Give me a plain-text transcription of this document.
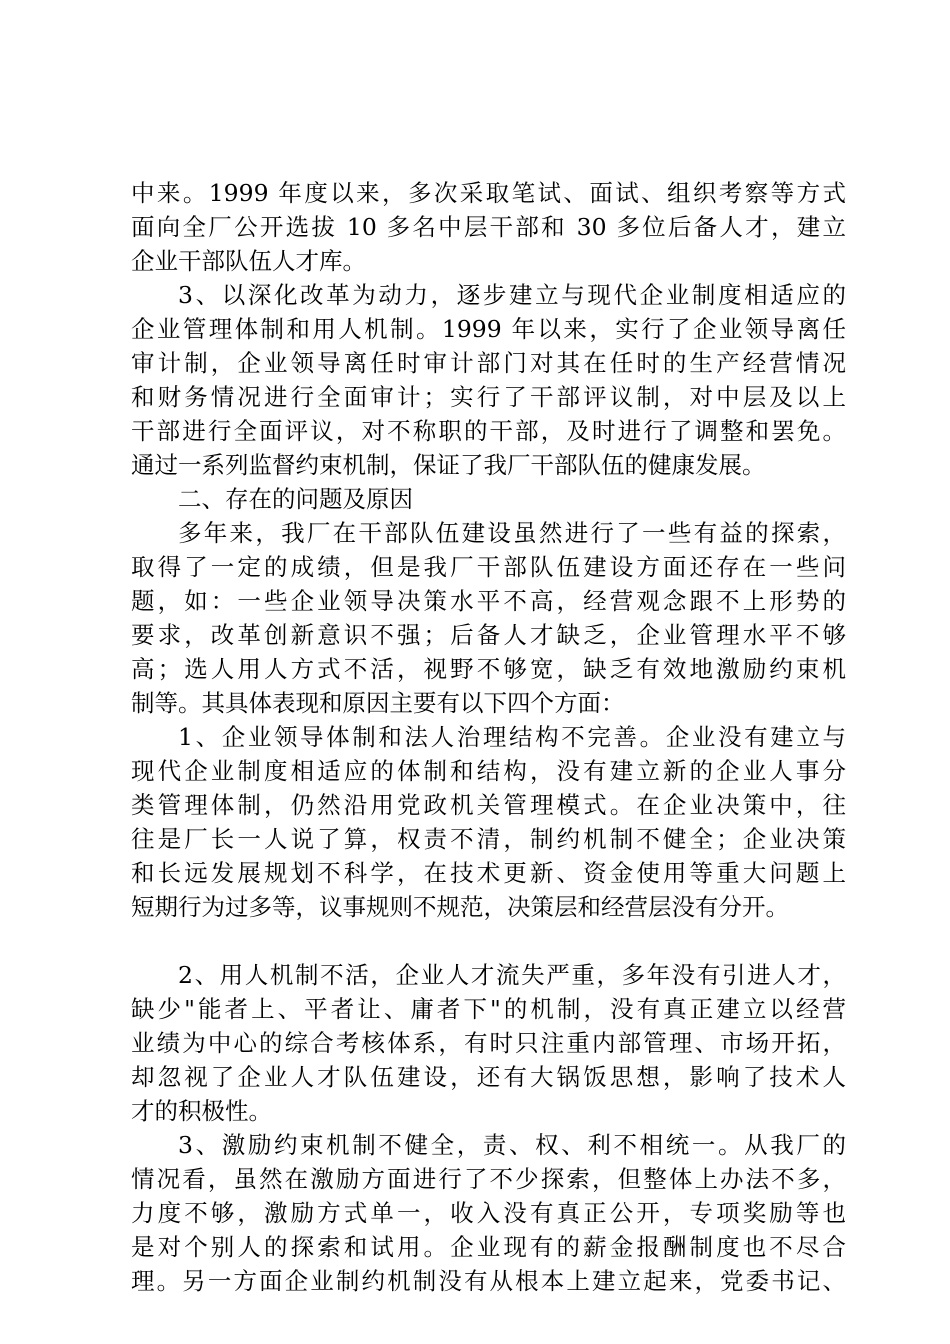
中来。1999 年度以来，多次采取笔试、面试、组织考察等方式
面向全厂公开选拔 10 多名中层干部和 30 多位后备人才，建立
企业干部队伍人才库。
3、以深化改革为动力，逐步建立与现代企业制度相适应的
企业管理体制和用人机制。1999 年以来，实行了企业领导离任
审计制，企业领导离任时审计部门对其在任时的生产经营情况
和财务情况进行全面审计；实行了干部评议制，对中层及以上
干部进行全面评议，对不称职的干部，及时进行了调整和罢免。
通过一系列监督约束机制，保证了我厂干部队伍的健康发展。
二、存在的问题及原因
多年来，我厂在干部队伍建设虽然进行了一些有益的探索，
取得了一定的成绩，但是我厂干部队伍建设方面还存在一些问
题，如：一些企业领导决策水平不高，经营观念跟不上形势的
要求，改革创新意识不强；后备人才缺乏，企业管理水平不够
高；选人用人方式不活，视野不够宽，缺乏有效地激励约束机
制等。其具体表现和原因主要有以下四个方面：
1、企业领导体制和法人治理结构不完善。企业没有建立与
现代企业制度相适应的体制和结构，没有建立新的企业人事分
类管理体制，仍然沿用党政机关管理模式。在企业决策中，往
往是厂长一人说了算，权责不清，制约机制不健全；企业决策
和长远发展规划不科学，在技术更新、资金使用等重大问题上
短期行为过多等，议事规则不规范，决策层和经营层没有分开。
2、用人机制不活，企业人才流失严重，多年没有引进人才，
缺少"能者上、平者让、庸者下"的机制，没有真正建立以经营
业绩为中心的综合考核体系，有时只注重内部管理、市场开拓，
却忽视了企业人才队伍建设，还有大锅饭思想，影响了技术人
才的积极性。
3、激励约束机制不健全，责、权、利不相统一。从我厂的
情况看，虽然在激励方面进行了不少探索，但整体上办法不多，
力度不够，激励方式单一，收入没有真正公开，专项奖励等也
是对个别人的探索和试用。企业现有的薪金报酬制度也不尽合
理。另一方面企业制约机制没有从根本上建立起来，党委书记、
